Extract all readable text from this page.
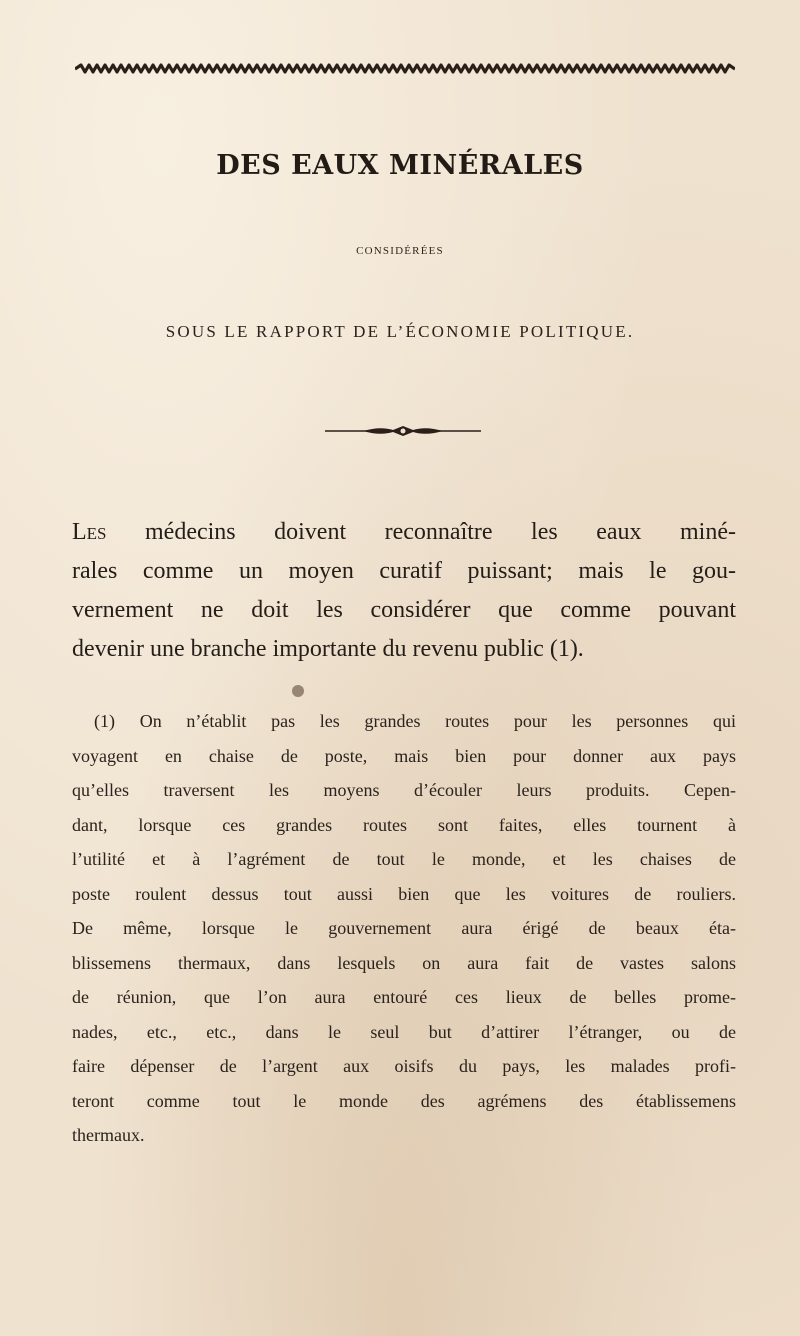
DES EAUX MINÉRALES
CONSIDÉRÉES
SOUS LE RAPPORT DE L’ÉCONOMIE POLITIQUE.
Les médecins doivent reconnaître les eaux miné-
rales comme un moyen curatif puissant; mais le gou-
vernement ne doit les considérer que comme pouvant
devenir une branche importante du revenu public (1).
(1) On n’établit pas les grandes routes pour les personnes qui
voyagent en chaise de poste, mais bien pour donner aux pays
qu’elles traversent les moyens d’écouler leurs produits. Cepen-
dant, lorsque ces grandes routes sont faites, elles tournent à
l’utilité et à l’agrément de tout le monde, et les chaises de
poste roulent dessus tout aussi bien que les voitures de rouliers.
De même, lorsque le gouvernement aura érigé de beaux éta-
blissemens thermaux, dans lesquels on aura fait de vastes salons
de réunion, que l’on aura entouré ces lieux de belles prome-
nades, etc., etc., dans le seul but d’attirer l’étranger, ou de
faire dépenser de l’argent aux oisifs du pays, les malades profi-
teront comme tout le monde des agrémens des établissemens
thermaux.
